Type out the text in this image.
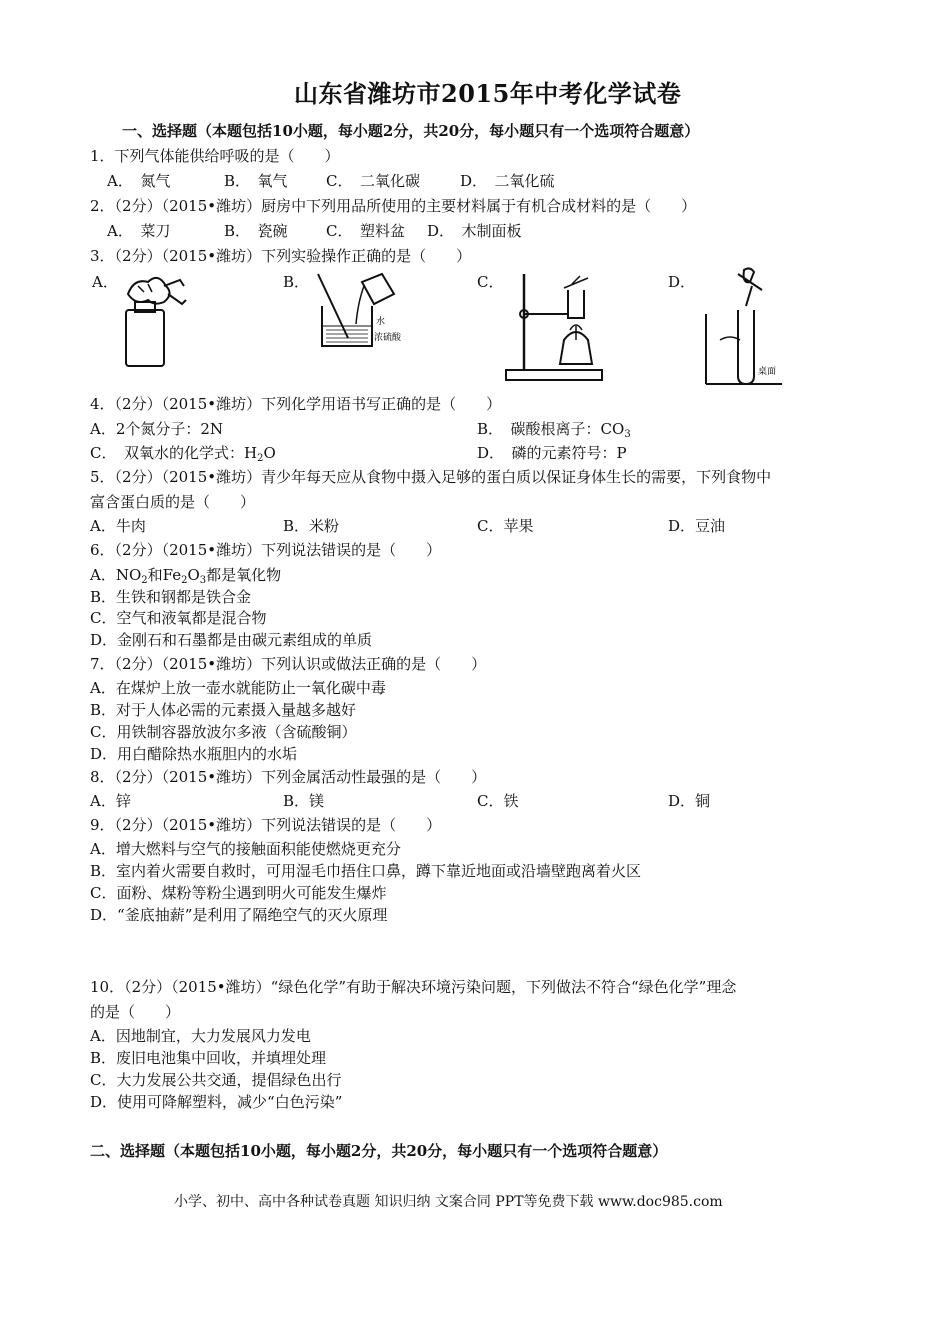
山东省潍坊市2015年中考化学试卷
一、选择题（本题包括10小题，每小题2分，共20分，每小题只有一个选项符合题意）
1．下列气体能供给呼吸的是（　　）
A．　氮气	B．　氧气	C．　二氧化碳	D．　二氧化硫
2．（2分）（2015•潍坊）厨房中下列用品所使用的主要材料属于有机合成材料的是（　　）
A．　菜刀	B．　瓷碗	C．　塑料盆 D．　木制面板
3．（2分）（2015•潍坊）下列实验操作正确的是（　　）
A．	B．	C．	D．
水
浓硫酸
桌面
4．（2分）（2015•潍坊）下列化学用语书写正确的是（　　）
A．2个氮分子：2N	B．　碳酸根离子：$CO_3$
C．　双氧水的化学式：$H_2O$	D．　磷的元素符号：P
5．（2分）（2015•潍坊）青少年每天应从食物中摄入足够的蛋白质以保证身体生长的需要，下列食物中
富含蛋白质的是（　　）
A．牛肉	B．米粉	C．苹果	D．豆油
6．（2分）（2015•潍坊）下列说法错误的是（　　）
A．$NO_2$和$Fe_2O_3$都是氧化物
B．生铁和钢都是铁合金
C．空气和液氧都是混合物
D．金刚石和石墨都是由碳元素组成的单质
7．（2分）（2015•潍坊）下列认识或做法正确的是（　　）
A．在煤炉上放一壶水就能防止一氧化碳中毒
B．对于人体必需的元素摄入量越多越好
C．用铁制容器放波尔多液（含硫酸铜）
D．用白醋除热水瓶胆内的水垢
8．（2分）（2015•潍坊）下列金属活动性最强的是（　　）
A．锌	B．镁	C．铁	D．铜
9．（2分）（2015•潍坊）下列说法错误的是（　　）
A．增大燃料与空气的接触面积能使燃烧更充分
B．室内着火需要自救时，可用湿毛巾捂住口鼻，蹲下靠近地面或沿墙壁跑离着火区
C．面粉、煤粉等粉尘遇到明火可能发生爆炸
D．“釜底抽薪”是利用了隔绝空气的灭火原理
10．（2分）（2015•潍坊）“绿色化学”有助于解决环境污染问题，下列做法不符合“绿色化学”理念
的是（　　）
A．因地制宜，大力发展风力发电
B．废旧电池集中回收，并填埋处理
C．大力发展公共交通，提倡绿色出行
D．使用可降解塑料，减少“白色污染”
二、选择题（本题包括10小题，每小题2分，共20分，每小题只有一个选项符合题意）
小学、初中、高中各种试卷真题 知识归纳 文案合同 PPT等免费下载 www.doc985.com
